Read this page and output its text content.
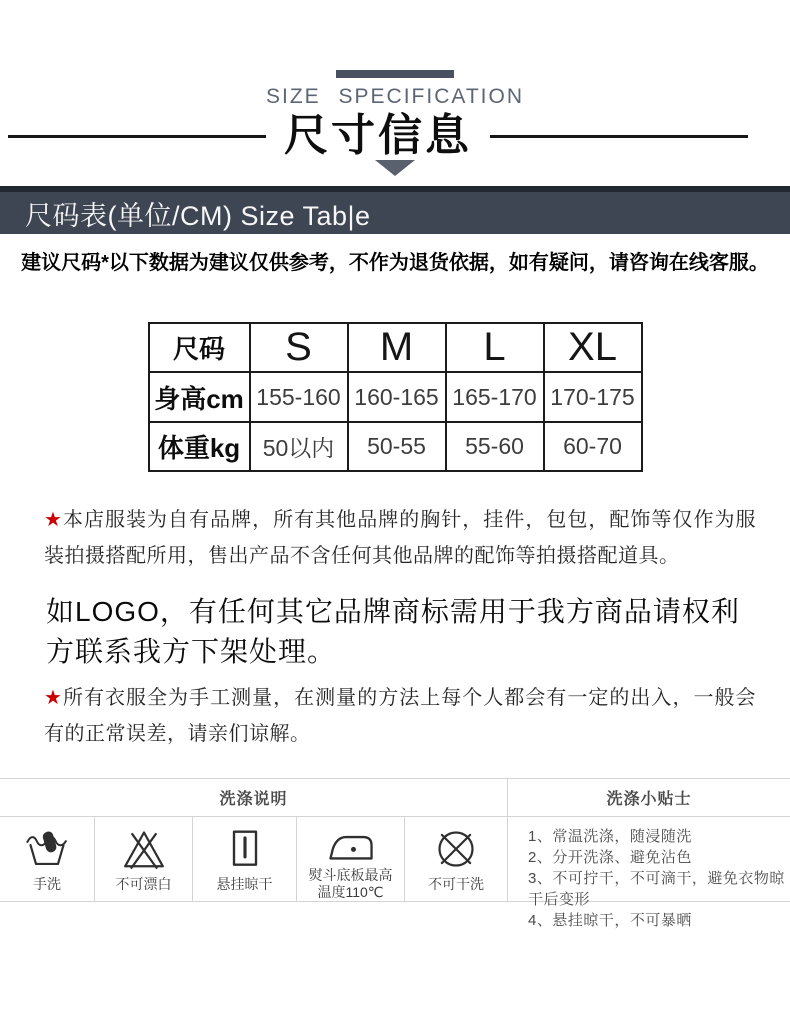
SIZE SPECIFICATION
尺寸信息
尺码表(单位/CM) Size Tab|e
建议尺码*以下数据为建议仅供参考，不作为退货依据，如有疑问，请咨询在线客服。
尺码	S	M	L	XL
身高cm	155-160	160-165	165-170	170-175
体重kg	50以内	50-55	55-60	60-70
★本店服装为自有品牌，所有其他品牌的胸针，挂件，包包，配饰等仅作为服装拍摄搭配所用，售出产品不含任何其他品牌的配饰等拍摄搭配道具。
如LOGO，有任何其它品牌商标需用于我方商品请权利方联系我方下架处理。
★所有衣服全为手工测量，在测量的方法上每个人都会有一定的出入，一般会有的正常误差，请亲们谅解。
洗涤说明	洗涤小贴士
手洗	不可漂白	悬挂晾干
熨斗底板最高温度110℃	不可干洗
1、常温洗涤，随浸随洗
2、分开洗涤、避免沾色
3、不可拧干，不可滴干，避免衣物晾干后变形
4、悬挂晾干，不可暴晒
